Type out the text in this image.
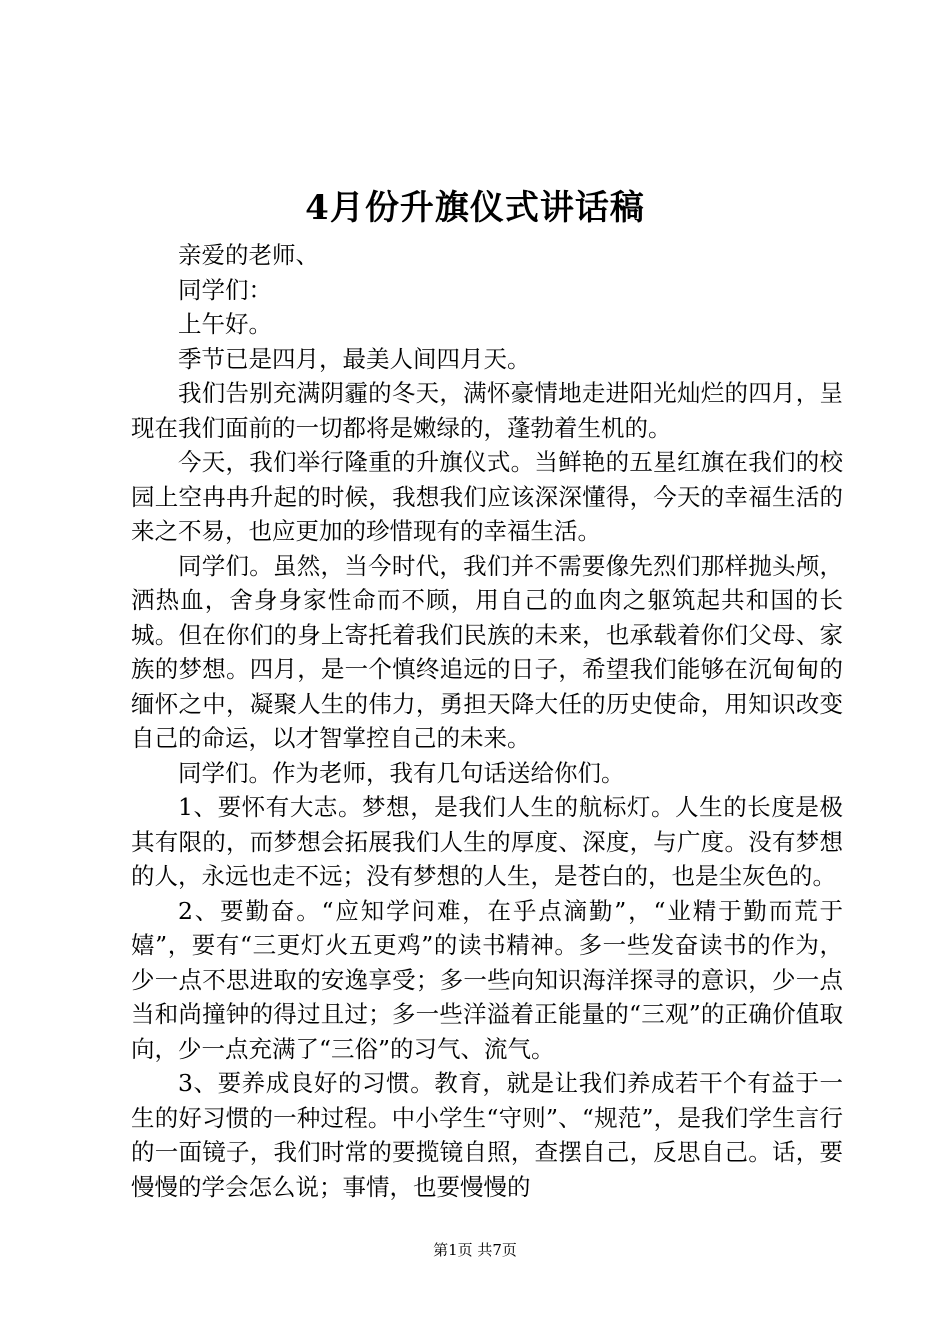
4月份升旗仪式讲话稿

亲爱的老师、

同学们：

上午好。

季节已是四月，最美人间四月天。

我们告别充满阴霾的冬天，满怀豪情地走进阳光灿烂的四月，呈现在我们面前的一切都将是嫩绿的，蓬勃着生机的。

今天，我们举行隆重的升旗仪式。当鲜艳的五星红旗在我们的校园上空冉冉升起的时候，我想我们应该深深懂得，今天的幸福生活的来之不易，也应更加的珍惜现有的幸福生活。

同学们。虽然，当今时代，我们并不需要像先烈们那样抛头颅，洒热血，舍身身家性命而不顾，用自己的血肉之躯筑起共和国的长城。但在你们的身上寄托着我们民族的未来，也承载着你们父母、家族的梦想。四月，是一个慎终追远的日子，希望我们能够在沉甸甸的缅怀之中，凝聚人生的伟力，勇担天降大任的历史使命，用知识改变自己的命运，以才智掌控自己的未来。

同学们。作为老师，我有几句话送给你们。

1、要怀有大志。梦想，是我们人生的航标灯。人生的长度是极其有限的，而梦想会拓展我们人生的厚度、深度，与广度。没有梦想的人，永远也走不远；没有梦想的人生，是苍白的，也是尘灰色的。

2、要勤奋。“应知学问难，在乎点滴勤”，“业精于勤而荒于嬉”，要有“三更灯火五更鸡”的读书精神。多一些发奋读书的作为，少一点不思进取的安逸享受；多一些向知识海洋探寻的意识，少一点当和尚撞钟的得过且过；多一些洋溢着正能量的“三观”的正确价值取向，少一点充满了“三俗”的习气、流气。

3、要养成良好的习惯。教育，就是让我们养成若干个有益于一生的好习惯的一种过程。中小学生“守则”、“规范”，是我们学生言行的一面镜子，我们时常的要揽镜自照，查摆自己，反思自己。话，要慢慢的学会怎么说；事情，也要慢慢的

第1页 共7页
